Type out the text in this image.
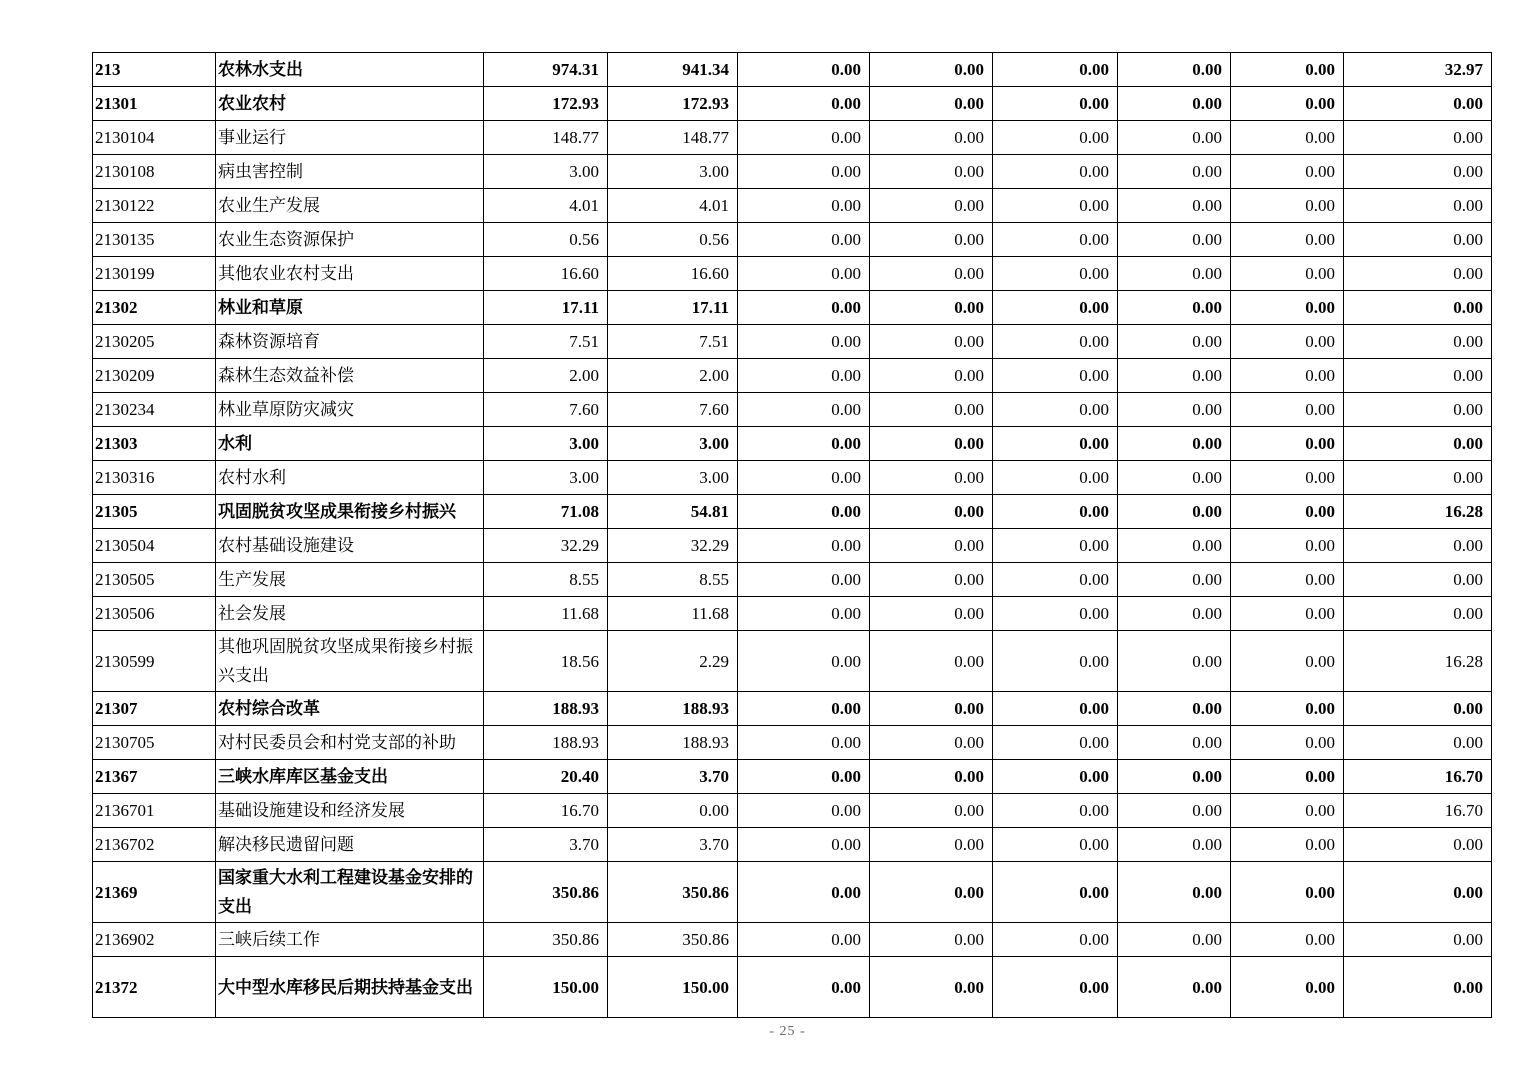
213	农林水支出	974.31	941.34	0.00	0.00	0.00	0.00	0.00	32.97
21301	农业农村	172.93	172.93	0.00	0.00	0.00	0.00	0.00	0.00
2130104	事业运行	148.77	148.77	0.00	0.00	0.00	0.00	0.00	0.00
2130108	病虫害控制	3.00	3.00	0.00	0.00	0.00	0.00	0.00	0.00
2130122	农业生产发展	4.01	4.01	0.00	0.00	0.00	0.00	0.00	0.00
2130135	农业生态资源保护	0.56	0.56	0.00	0.00	0.00	0.00	0.00	0.00
2130199	其他农业农村支出	16.60	16.60	0.00	0.00	0.00	0.00	0.00	0.00
21302	林业和草原	17.11	17.11	0.00	0.00	0.00	0.00	0.00	0.00
2130205	森林资源培育	7.51	7.51	0.00	0.00	0.00	0.00	0.00	0.00
2130209	森林生态效益补偿	2.00	2.00	0.00	0.00	0.00	0.00	0.00	0.00
2130234	林业草原防灾减灾	7.60	7.60	0.00	0.00	0.00	0.00	0.00	0.00
21303	水利	3.00	3.00	0.00	0.00	0.00	0.00	0.00	0.00
2130316	农村水利	3.00	3.00	0.00	0.00	0.00	0.00	0.00	0.00
21305	巩固脱贫攻坚成果衔接乡村振兴	71.08	54.81	0.00	0.00	0.00	0.00	0.00	16.28
2130504	农村基础设施建设	32.29	32.29	0.00	0.00	0.00	0.00	0.00	0.00
2130505	生产发展	8.55	8.55	0.00	0.00	0.00	0.00	0.00	0.00
2130506	社会发展	11.68	11.68	0.00	0.00	0.00	0.00	0.00	0.00
2130599	其他巩固脱贫攻坚成果衔接乡村振兴支出	18.56	2.29	0.00	0.00	0.00	0.00	0.00	16.28
21307	农村综合改革	188.93	188.93	0.00	0.00	0.00	0.00	0.00	0.00
2130705	对村民委员会和村党支部的补助	188.93	188.93	0.00	0.00	0.00	0.00	0.00	0.00
21367	三峡水库库区基金支出	20.40	3.70	0.00	0.00	0.00	0.00	0.00	16.70
2136701	基础设施建设和经济发展	16.70	0.00	0.00	0.00	0.00	0.00	0.00	16.70
2136702	解决移民遗留问题	3.70	3.70	0.00	0.00	0.00	0.00	0.00	0.00
21369	国家重大水利工程建设基金安排的支出	350.86	350.86	0.00	0.00	0.00	0.00	0.00	0.00
2136902	三峡后续工作	350.86	350.86	0.00	0.00	0.00	0.00	0.00	0.00
21372	大中型水库移民后期扶持基金支出	150.00	150.00	0.00	0.00	0.00	0.00	0.00	0.00
- 25 -
